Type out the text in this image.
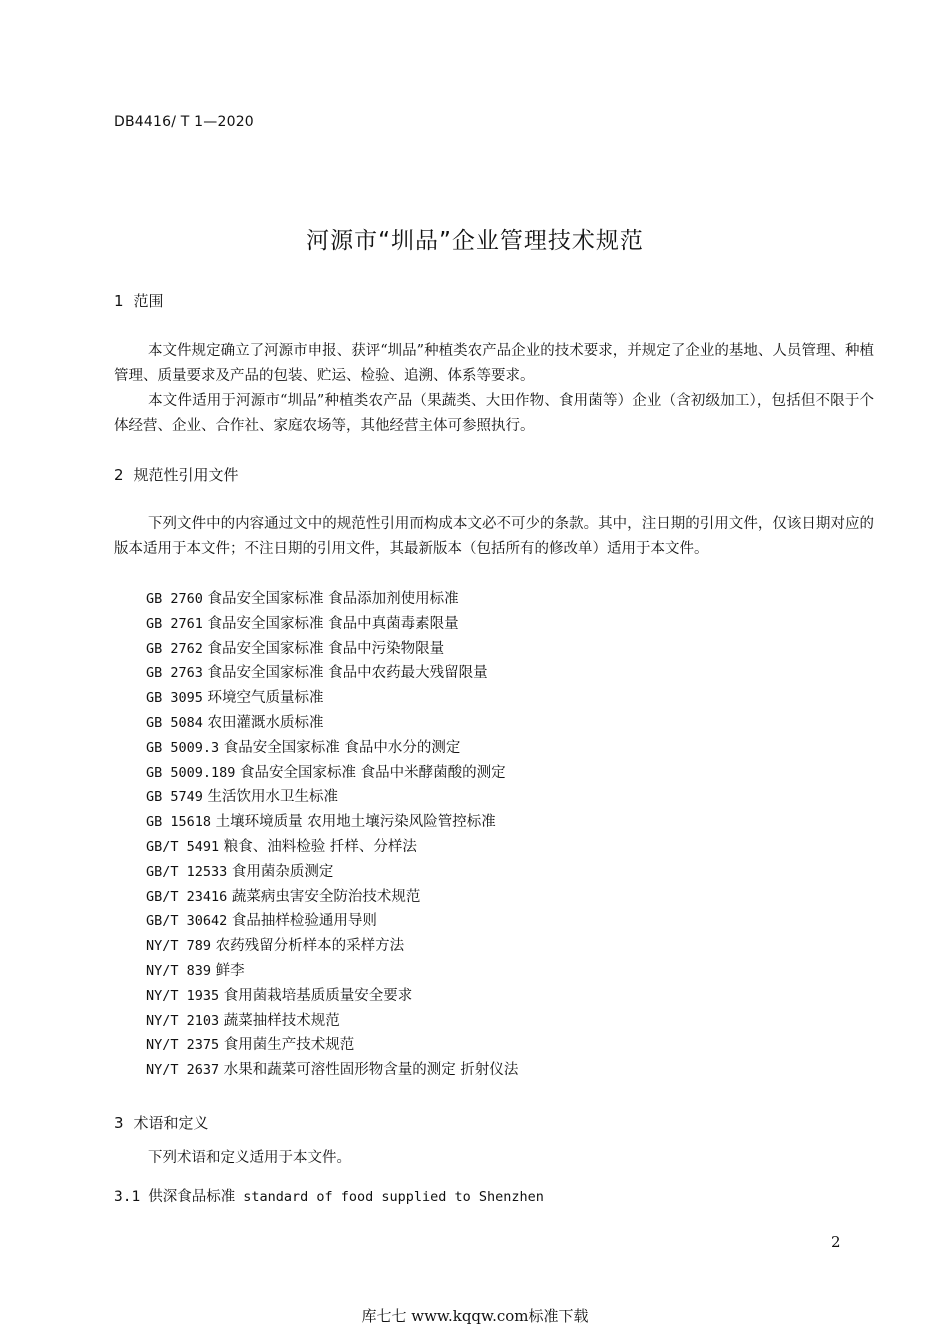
DB4416/ T 1—2020
河源市“圳品”企业管理技术规范
1 范围
本文件规定确立了河源市申报、获评“圳品”种植类农产品企业的技术要求，并规定了企业的基地、人员管理、种植管理、质量要求及产品的包装、贮运、检验、追溯、体系等要求。
本文件适用于河源市“圳品”种植类农产品（果蔬类、大田作物、食用菌等）企业（含初级加工），包括但不限于个体经营、企业、合作社、家庭农场等，其他经营主体可参照执行。
2 规范性引用文件
下列文件中的内容通过文中的规范性引用而构成本文必不可少的条款。其中，注日期的引用文件，仅该日期对应的版本适用于本文件；不注日期的引用文件，其最新版本（包括所有的修改单）适用于本文件。
GB 2760 食品安全国家标准 食品添加剂使用标准
GB 2761 食品安全国家标准 食品中真菌毒素限量
GB 2762 食品安全国家标准 食品中污染物限量
GB 2763 食品安全国家标准 食品中农药最大残留限量
GB 3095 环境空气质量标准
GB 5084 农田灌溉水质标准
GB 5009.3 食品安全国家标准 食品中水分的测定
GB 5009.189 食品安全国家标准 食品中米酵菌酸的测定
GB 5749 生活饮用水卫生标准
GB 15618 土壤环境质量 农用地土壤污染风险管控标准
GB/T 5491 粮食、油料检验 扦样、分样法
GB/T 12533 食用菌杂质测定
GB/T 23416 蔬菜病虫害安全防治技术规范
GB/T 30642 食品抽样检验通用导则
NY/T 789 农药残留分析样本的采样方法
NY/T 839 鲜李
NY/T 1935 食用菌栽培基质质量安全要求
NY/T 2103 蔬菜抽样技术规范
NY/T 2375 食用菌生产技术规范
NY/T 2637 水果和蔬菜可溶性固形物含量的测定 折射仪法
3 术语和定义
下列术语和定义适用于本文件。
3.1 供深食品标准 standard of food supplied to Shenzhen
2
库七七 www.kqqw.com标准下载
